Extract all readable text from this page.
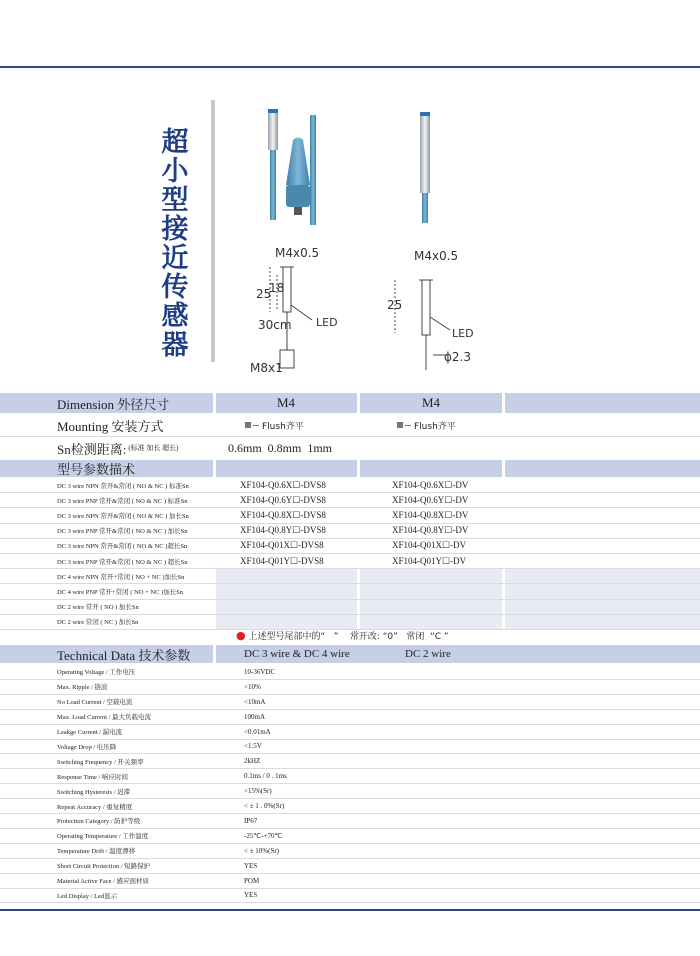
超
小
型
接
近
传
感
器
M4x0.5
25
18
30cm LED
M8x1
M4x0.5
25
LED
ϕ2.3
Dimension 外径尺寸	M4	M4
Mounting 安装方式	Flush齐平	Flush齐平
Sn检测距离: (标准 加长 超长)	0.6mm  0.8mm  1mm
型号参数描术
DC 3 wire NPN 常开&常闭 ( NO & NC ) 标准Sn	XF104-Q0.6X☐-DVS8	XF104-Q0.6X☐-DV
DC 3 wire PNP 常开&常闭 ( NO & NC ) 标准Sn	XF104-Q0.6Y☐-DVS8	XF104-Q0.6Y☐-DV
DC 3 wire NPN 常开&常闭 ( NO & NC ) 加长Sn	XF104-Q0.8X☐-DVS8	XF104-Q0.8X☐-DV
DC 3 wire PNP 常开&常闭 ( NO & NC ) 加长Sn	XF104-Q0.8Y☐-DVS8	XF104-Q0.8Y☐-DV
DC 3 wire NPN 常开&常闭 ( NO & NC )超长Sn	XF104-Q01X☐-DVS8	XF104-Q01X☐-DV
DC 3 wire PNP 常开&常闭 ( NO & NC ) 超长Sn	XF104-Q01Y☐-DVS8	XF104-Q01Y☐-DV
DC 4 wire NPN 常开+常闭 ( NO + NC )加长Sn
DC 4 wire PNP 常开+常闭 ( NO + NC )加长Sn
DC 2 wire 常开 ( NO ) 加长Sn
DC 2 wire 常闭 ( NC ) 加长Sn
● 上述型号尾部中的“   ”    常开改: “0”   常闭  “C ”
Technical Data 技术参数	DC 3 wire & DC 4 wire	DC 2 wire
Operating Voltage / 工作电压	10-36VDC
Max. Ripple / 链波	<10%
No Load Current / 空载电流	<10mA
Max. Load Current / 最大负载电流	100mA
Leakge Current / 漏电流	<0.01mA
Voltage Drop / 电压降	<1.5V
Switching Frequency / 开关频率	2kHZ
Response Time / 响应时间	0.1ms / 0 . 1ms
Switching Hysteresis / 迟滞	<15%(Sr)
Repeat Accuracy / 重复精度	< ± 1 . 0%(Sr)
Protection Category / 防护等级	IP67
Operating Temperature / 工作温度	-25℃-+70℃
Temperature Drift / 温度漂移	< ± 10%(Sr)
Short Circuit Protection / 短路保护	YES
Material Active Face / 感应面材质	POM
Led Display / Led显示	YES
